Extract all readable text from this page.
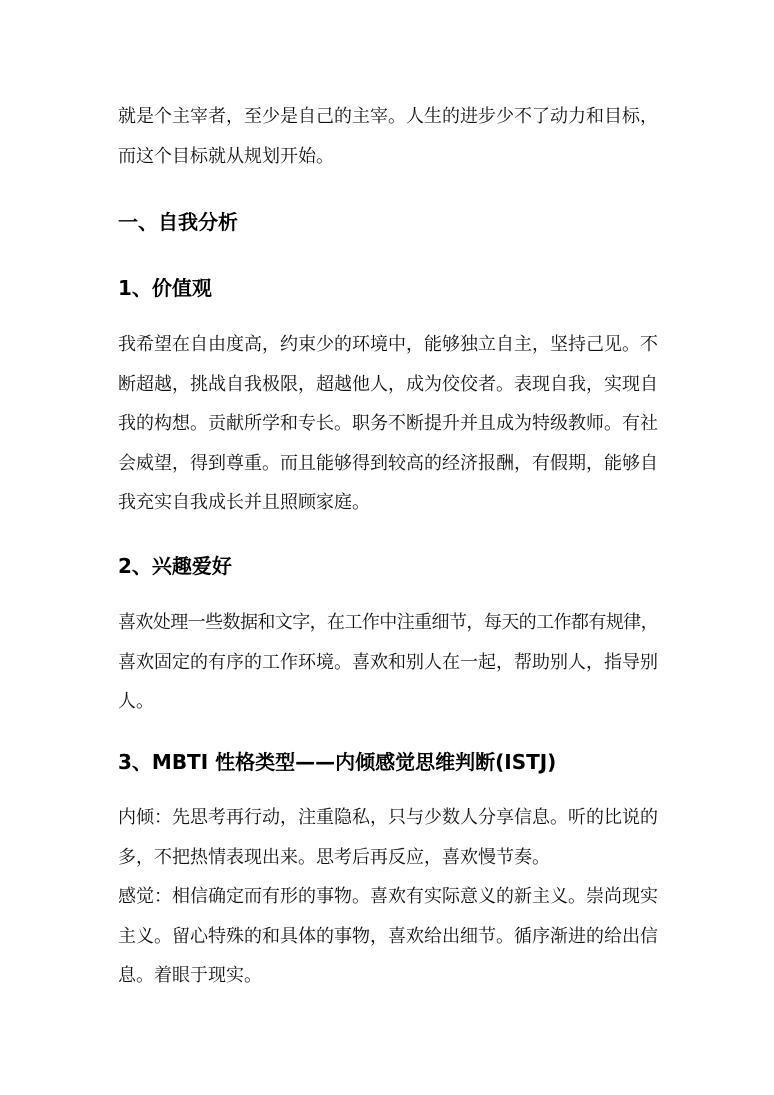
就是个主宰者，至少是自己的主宰。人生的进步少不了动力和目标，
而这个目标就从规划开始。
一、自我分析
1、价值观
我希望在自由度高，约束少的环境中，能够独立自主，坚持己见。不
断超越，挑战自我极限，超越他人，成为佼佼者。表现自我，实现自
我的构想。贡献所学和专长。职务不断提升并且成为特级教师。有社
会威望，得到尊重。而且能够得到较高的经济报酬，有假期，能够自
我充实自我成长并且照顾家庭。
2、兴趣爱好
喜欢处理一些数据和文字，在工作中注重细节，每天的工作都有规律，
喜欢固定的有序的工作环境。喜欢和别人在一起，帮助别人，指导别
人。
3、MBTI 性格类型——内倾感觉思维判断(ISTJ)
内倾：先思考再行动，注重隐私，只与少数人分享信息。听的比说的
多，不把热情表现出来。思考后再反应，喜欢慢节奏。
感觉：相信确定而有形的事物。喜欢有实际意义的新主义。崇尚现实
主义。留心特殊的和具体的事物，喜欢给出细节。循序渐进的给出信
息。着眼于现实。
